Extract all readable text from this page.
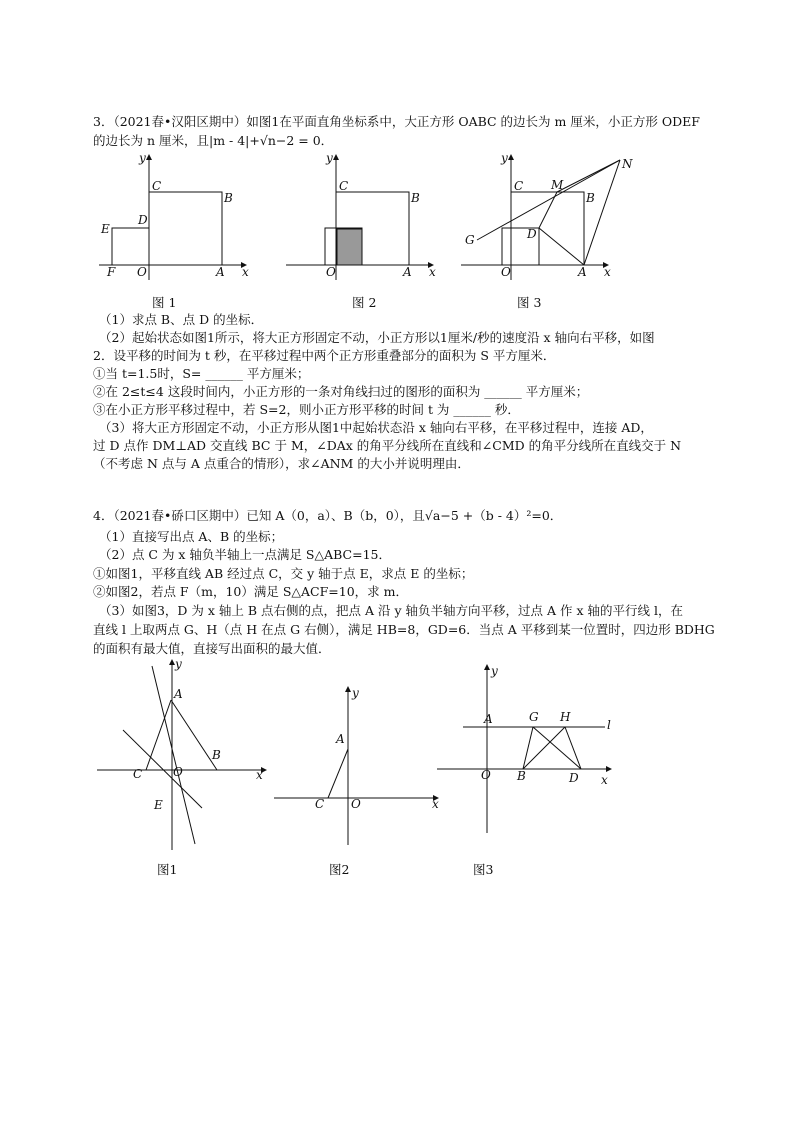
3．（2021春•汉阳区期中）如图1在平面直角坐标系中，大正方形 OABC 的边长为 m 厘米，小正方形 ODEF
的边长为 n 厘米，且|m - 4|+√n−2 = 0．
y
x
C
B
D
E
F O	A
图 1
y
x
C
B
O	A
图 2
y
x
C M
B
N
D
G
O	A
图 3
（1）求点 B、点 D 的坐标．
（2）起始状态如图1所示，将大正方形固定不动，小正方形以1厘米/秒的速度沿 x 轴向右平移，如图
2．设平移的时间为 t 秒，在平移过程中两个正方形重叠部分的面积为 S 平方厘米．
①当 t=1.5时，S= ______ 平方厘米；
②在 2≤t≤4 这段时间内，小正方形的一条对角线扫过的图形的面积为 ______ 平方厘米；
③在小正方形平移过程中，若 S=2，则小正方形平移的时间 t 为 ______ 秒．
（3）将大正方形固定不动，小正方形从图1中起始状态沿 x 轴向右平移，在平移过程中，连接 AD，
过 D 点作 DM⊥AD 交直线 BC 于 M，∠DAx 的角平分线所在直线和∠CMD 的角平分线所在直线交于 N
（不考虑 N 点与 A 点重合的情形），求∠ANM 的大小并说明理由．
4．（2021春•硚口区期中）已知 A（0，a）、B（b，0），且√a−5 +（b - 4）²=0．
（1）直接写出点 A、B 的坐标；
（2）点 C 为 x 轴负半轴上一点满足 S△ABC=15．
①如图1，平移直线 AB 经过点 C，交 y 轴于点 E，求点 E 的坐标；
②如图2，若点 F（m，10）满足 S△ACF=10，求 m．
（3）如图3，D 为 x 轴上 B 点右侧的点，把点 A 沿 y 轴负半轴方向平移，过点 A 作 x 轴的平行线 l，在
直线 l 上取两点 G、H（点 H 在点 G 右侧），满足 HB=8，GD=6．当点 A 平移到某一位置时，四边形 BDHG
的面积有最大值，直接写出面积的最大值．
y
x
A
B
C	O
E
图1
y
x
A
C O
图2
y
x
A	G H
l
O B	D
图3
